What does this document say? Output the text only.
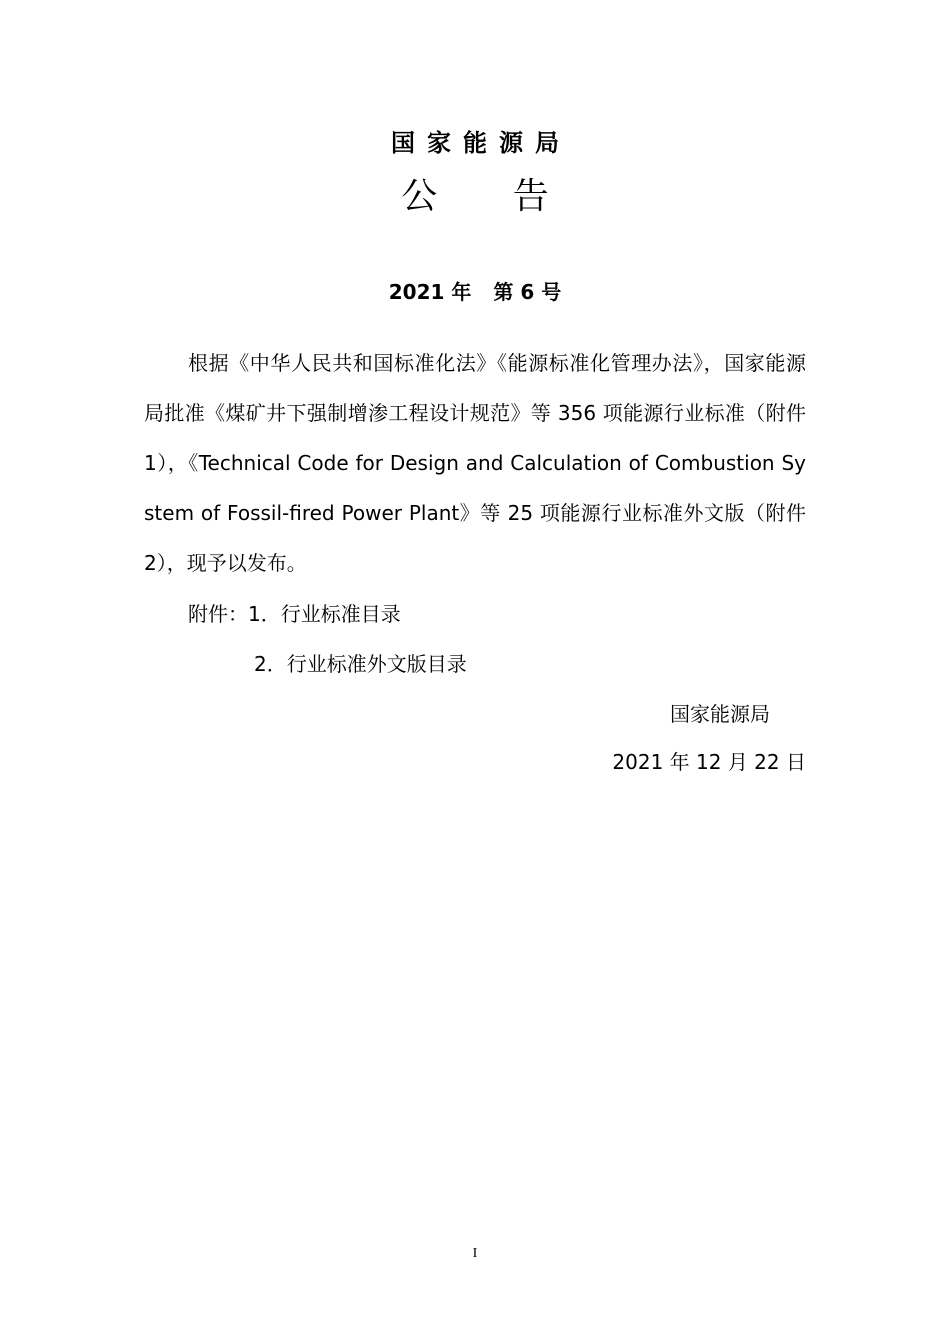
国家能源局
公 告
2021 年 第 6 号

根据《中华人民共和国标准化法》《能源标准化管理办法》，国家能源局批准《煤矿井下强制增渗工程设计规范》等 356 项能源行业标准（附件 1），《Technical Code for Design and Calculation of Combustion System of Fossil-fired Power Plant》等 25 项能源行业标准外文版（附件 2），现予以发布。

附件：1．行业标准目录

2．行业标准外文版目录

国家能源局

2021 年 12 月 22 日

I
